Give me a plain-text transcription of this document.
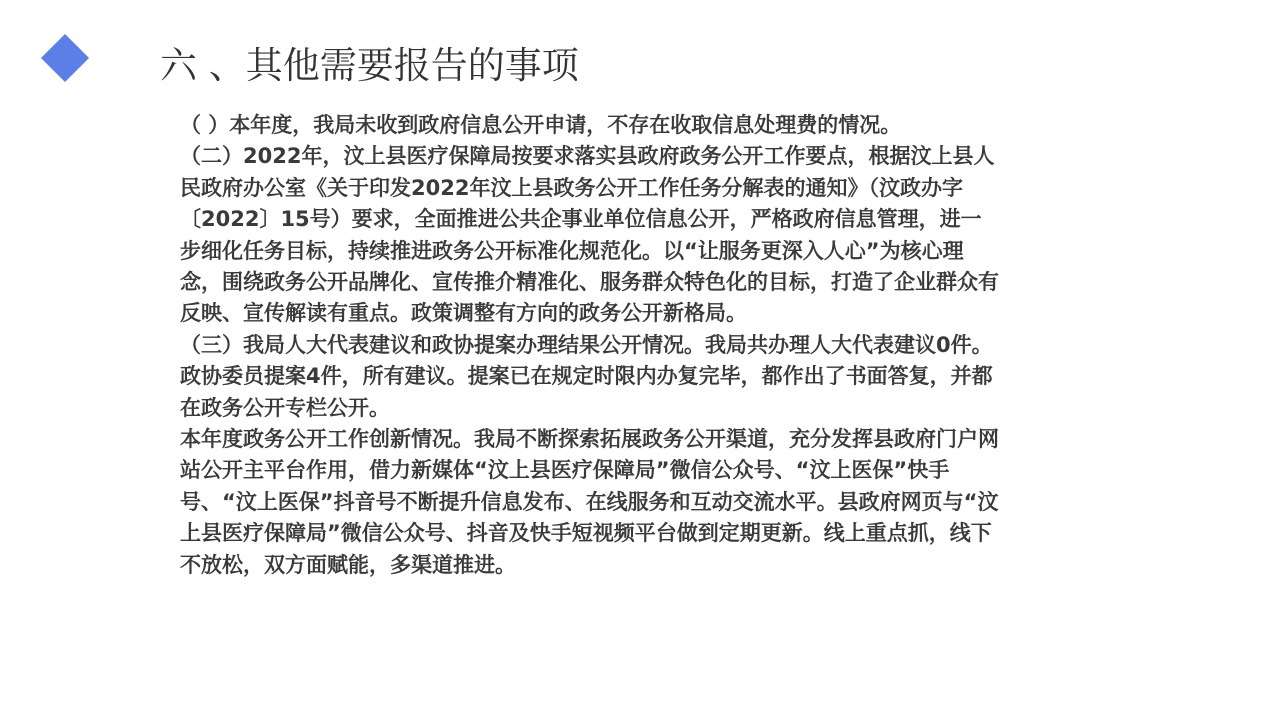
六 、其他需要报告的事项

（ ）本年度，我局未收到政府信息公开申请，不存在收取信息处理费的情况。

（二）2022年，汶上县医疗保障局按要求落实县政府政务公开工作要点，根据汶上县人民政府办公室《关于印发2022年汶上县政务公开工作任务分解表的通知》（汶政办字〔2022〕15号）要求，全面推进公共企事业单位信息公开，严格政府信息管理，进一步细化任务目标，持续推进政务公开标准化规范化。以“让服务更深入人心”为核心理念，围绕政务公开品牌化、宣传推介精准化、服务群众特色化的目标，打造了企业群众有反映、宣传解读有重点。政策调整有方向的政务公开新格局。

（三）我局人大代表建议和政协提案办理结果公开情况。我局共办理人大代表建议0件。政协委员提案4件，所有建议。提案已在规定时限内办复完毕，都作出了书面答复，并都在政务公开专栏公开。

本年度政务公开工作创新情况。我局不断探索拓展政务公开渠道，充分发挥县政府门户网站公开主平台作用，借力新媒体“汶上县医疗保障局”微信公众号、“汶上医保”快手号、“汶上医保”抖音号不断提升信息发布、在线服务和互动交流水平。县政府网页与“汶上县医疗保障局”微信公众号、抖音及快手短视频平台做到定期更新。线上重点抓，线下不放松，双方面赋能，多渠道推进。
